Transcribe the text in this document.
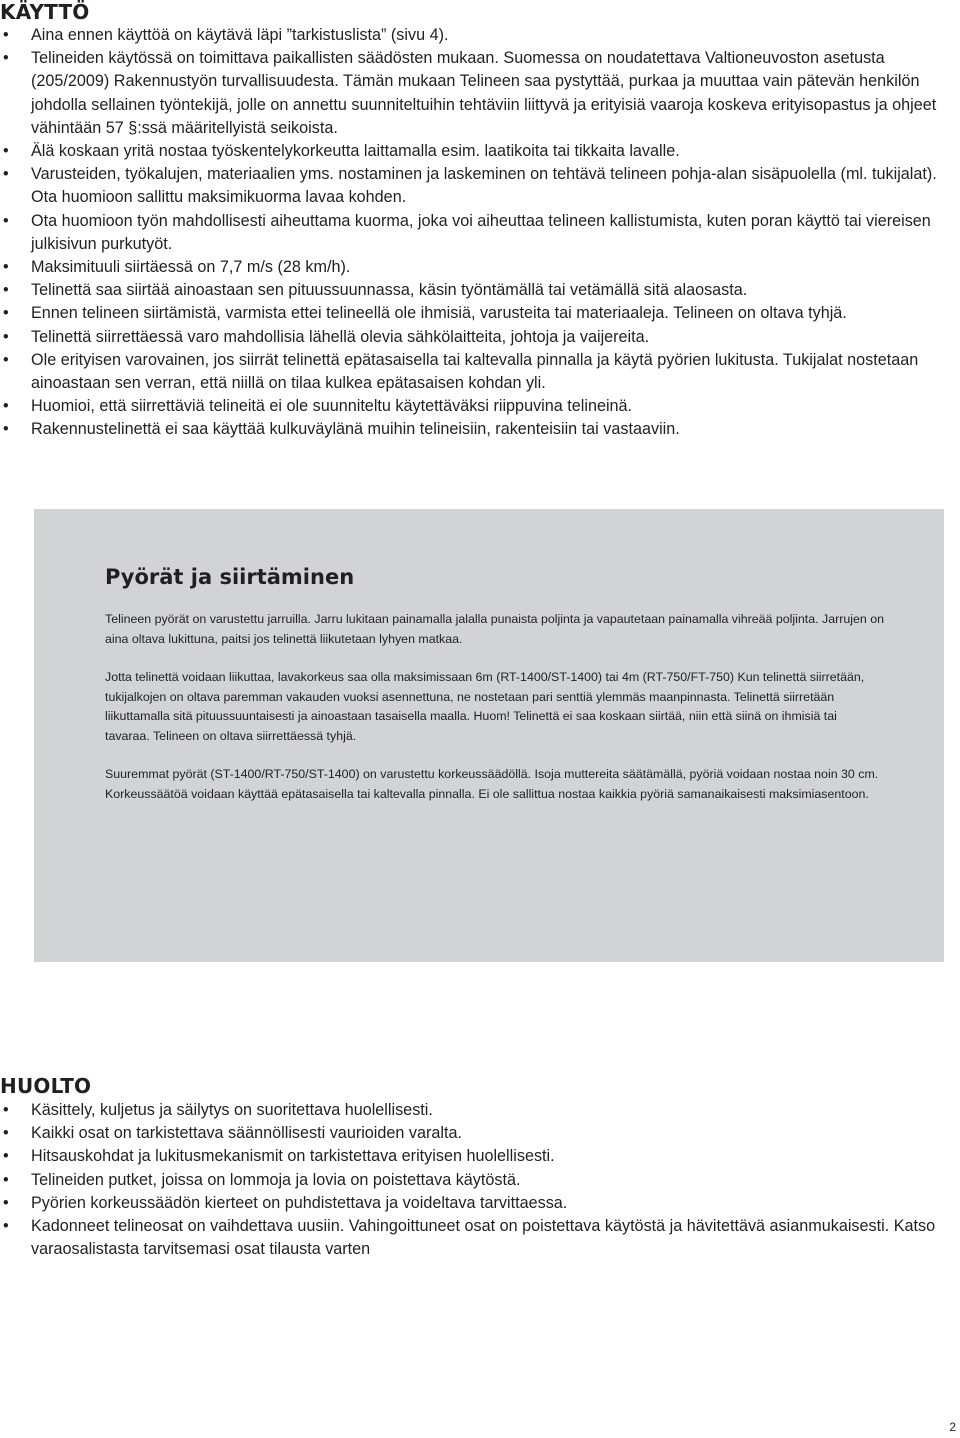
KÄYTTÖ
• Aina ennen käyttöä on käytävä läpi ”tarkistuslista” (sivu 4).
• Telineiden käytössä on toimittava paikallisten säädösten mukaan. Suomessa on noudatettava Valtioneuvoston asetusta (205/2009) Rakennustyön turvallisuudesta. Tämän mukaan Telineen saa pystyttää, purkaa ja muuttaa vain pätevän henkilön johdolla sellainen työntekijä, jolle on annettu suunniteltuihin tehtäviin liittyvä ja erityisiä vaaroja koskeva erityisopastus ja ohjeet vähintään 57 §:ssä määritellyistä seikoista.
• Älä koskaan yritä nostaa työskentelykorkeutta laittamalla esim. laatikoita tai tikkaita lavalle.
• Varusteiden, työkalujen, materiaalien yms. nostaminen ja laskeminen on tehtävä telineen pohja-alan sisäpuolella (ml. tukijalat). Ota huomioon sallittu maksimikuorma lavaa kohden.
• Ota huomioon työn mahdollisesti aiheuttama kuorma, joka voi aiheuttaa telineen kallistumista, kuten poran käyttö tai viereisen julkisivun purkutyöt.
• Maksimituuli siirtäessä on 7,7 m/s (28 km/h).
• Telinettä saa siirtää ainoastaan sen pituussuunnassa, käsin työntämällä tai vetämällä sitä alaosasta.
• Ennen telineen siirtämistä, varmista ettei telineellä ole ihmisiä, varusteita tai materiaaleja. Telineen on oltava tyhjä.
• Telinettä siirrettäessä varo mahdollisia lähellä olevia sähkölaitteita, johtoja ja vaijereita.
• Ole erityisen varovainen, jos siirrät telinettä epätasaisella tai kaltevalla pinnalla ja käytä pyörien lukitusta. Tukijalat nostetaan ainoastaan sen verran, että niillä on tilaa kulkea epätasaisen kohdan yli.
• Huomioi, että siirrettäviä telineitä ei ole suunniteltu käytettäväksi riippuvina telineinä.
• Rakennustelinettä ei saa käyttää kulkuväylänä muihin telineisiin, rakenteisiin tai vastaaviin.
Pyörät ja siirtäminen

Telineen pyörät on varustettu jarruilla. Jarru lukitaan painamalla jalalla punaista poljinta ja vapautetaan painamalla vihreää poljinta. Jarrujen on aina oltava lukittuna, paitsi jos telinettä liikutetaan lyhyen matkaa.

Jotta telinettä voidaan liikuttaa, lavakorkeus saa olla maksimissaan 6m (RT-1400/ST-1400) tai 4m (RT-750/FT-750) Kun telinettä siirretään, tukijalkojen on oltava paremman vakauden vuoksi asennettuna, ne nostetaan pari senttiä ylemmäs maanpinnasta. Telinettä siirretään liikuttamalla sitä pituussuuntaisesti ja ainoastaan tasaisella maalla. Huom! Telinettä ei saa koskaan siirtää, niin että siinä on ihmisiä tai tavaraa. Telineen on oltava siirrettäessä tyhjä.

Suuremmat pyörät (ST-1400/RT-750/ST-1400) on varustettu korkeussäädöllä. Isoja muttereita säätämällä, pyöriä voidaan nostaa noin 30 cm. Korkeussäätöä voidaan käyttää epätasaisella tai kaltevalla pinnalla. Ei ole sallittua nostaa kaikkia pyöriä samanaikaisesti maksimiasentoon.

HUOLTO
• Käsittely, kuljetus ja säilytys on suoritettava huolellisesti.
• Kaikki osat on tarkistettava säännöllisesti vaurioiden varalta.
• Hitsauskohdat ja lukitusmekanismit on tarkistettava erityisen huolellisesti.
• Telineiden putket, joissa on lommoja ja lovia on poistettava käytöstä.
• Pyörien korkeussäädön kierteet on puhdistettava ja voideltava tarvittaessa.
• Kadonneet telineosat on vaihdettava uusiin. Vahingoittuneet osat on poistettava käytöstä ja hävitettävä asianmukaisesti. Katso varaosalistasta tarvitsemasi osat tilausta varten
2
